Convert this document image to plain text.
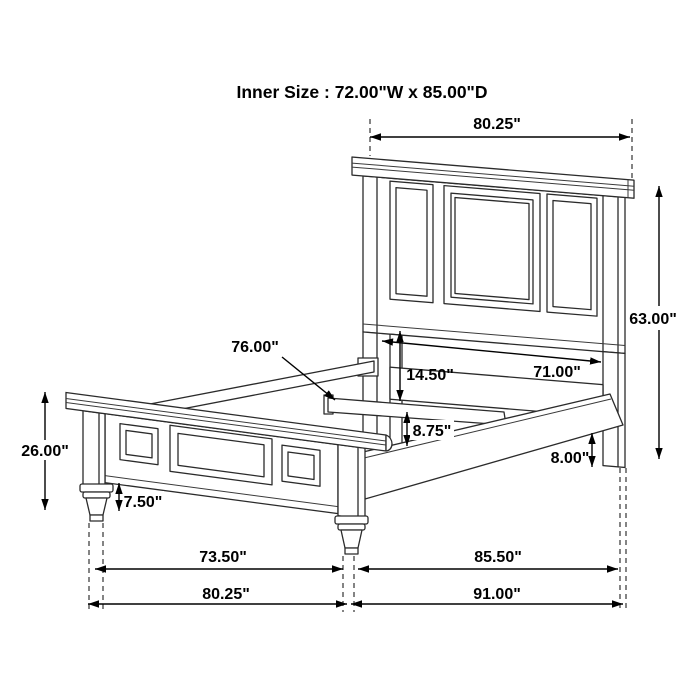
Inner Size : 72.00"W x 85.00"D
80.25"
63.00"
76.00"
14.50"	71.00"
8.75"
8.00"
26.00"
7.50"
73.50"	85.50"
80.25"	91.00"
